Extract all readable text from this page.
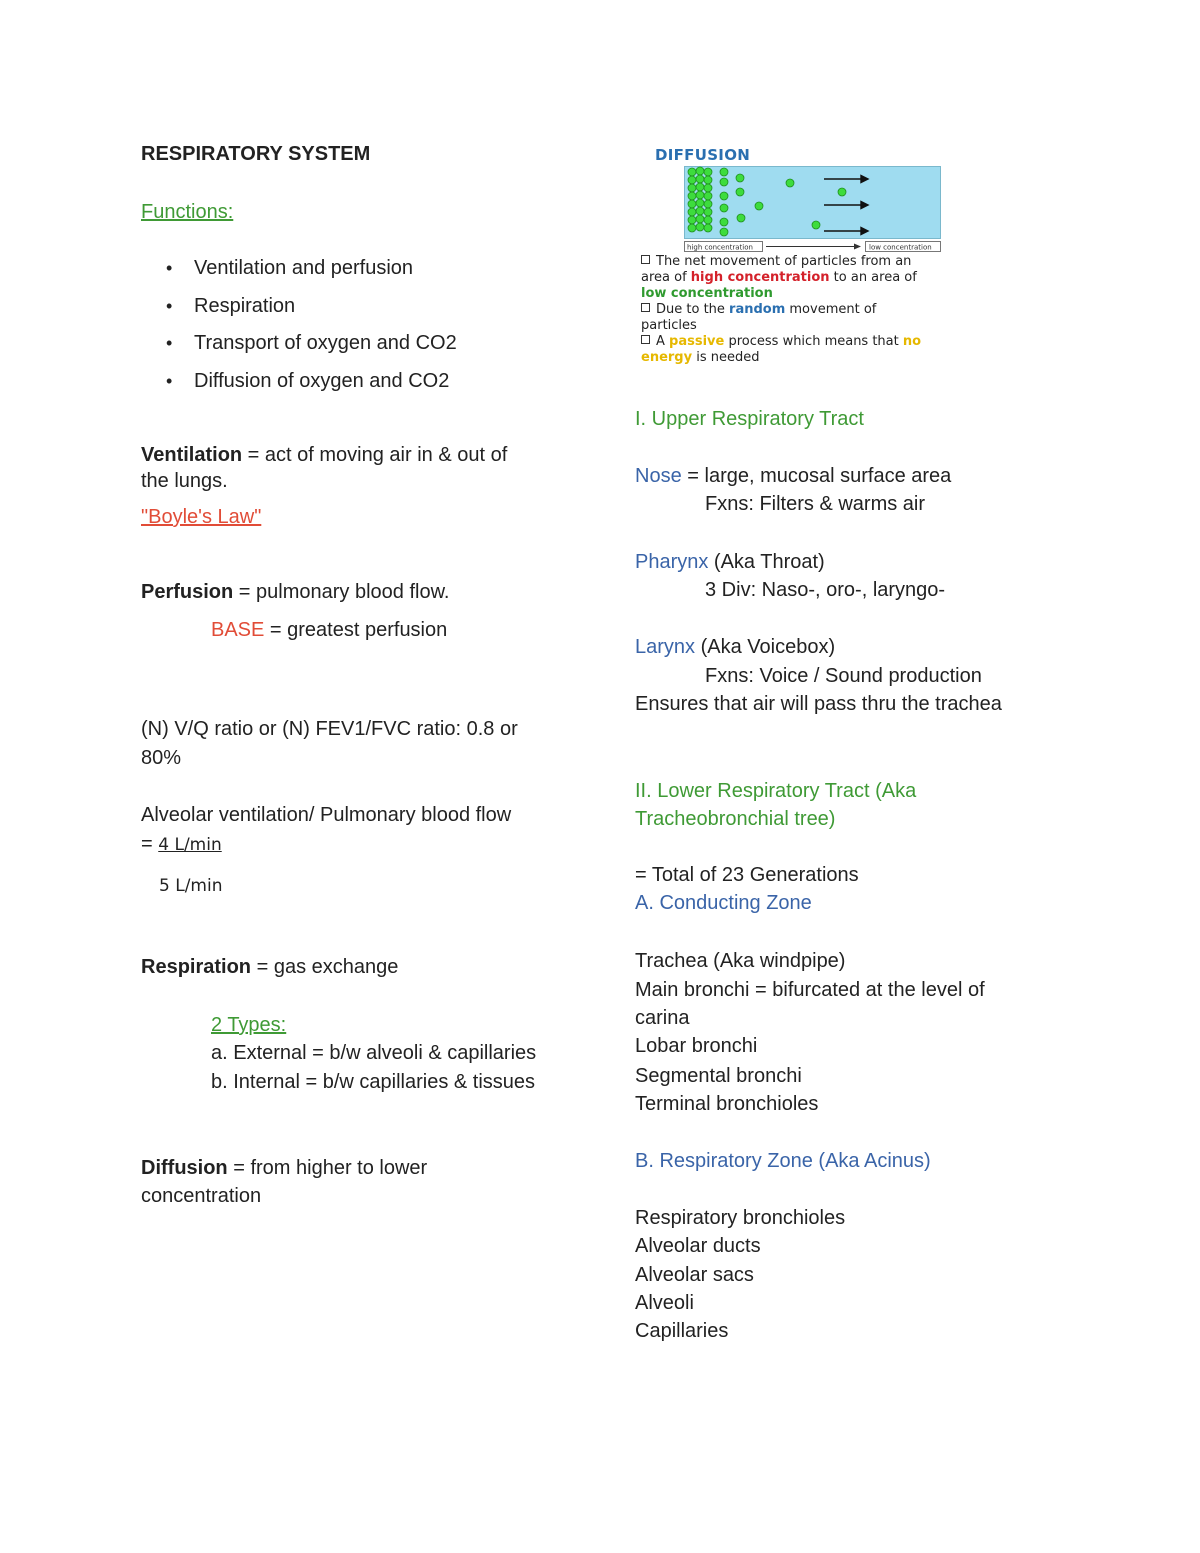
RESPIRATORY SYSTEM
Functions:
• Ventilation and perfusion
• Respiration
• Transport of oxygen and CO2
• Diffusion of oxygen and CO2
Ventilation = act of moving air in & out of
the lungs.
"Boyle's Law"
Perfusion = pulmonary blood flow.
BASE = greatest perfusion
(N) V/Q ratio or (N) FEV1/FVC ratio: 0.8 or
80%
Alveolar ventilation/ Pulmonary blood flow
= 4 L/min
5 L/min
Respiration = gas exchange
2 Types:
a. External = b/w alveoli & capillaries
b. Internal = b/w capillaries & tissues
Diffusion = from higher to lower
concentration
DIFFUSION
high concentration	low concentration
The net movement of particles from an
area of high concentration to an area of
low concentration
Due to the random movement of
particles
A passive process which means that no
energy is needed
I. Upper Respiratory Tract
Nose = large, mucosal surface area
Fxns: Filters & warms air
Pharynx (Aka Throat)
3 Div: Naso-, oro-, laryngo-
Larynx (Aka Voicebox)
Fxns: Voice / Sound production
Ensures that air will pass thru the trachea
II. Lower Respiratory Tract (Aka
Tracheobronchial tree)
= Total of 23 Generations
A. Conducting Zone
Trachea (Aka windpipe)
Main bronchi = bifurcated at the level of
carina
Lobar bronchi
Segmental bronchi
Terminal bronchioles
B. Respiratory Zone (Aka Acinus)
Respiratory bronchioles
Alveolar ducts
Alveolar sacs
Alveoli
Capillaries
